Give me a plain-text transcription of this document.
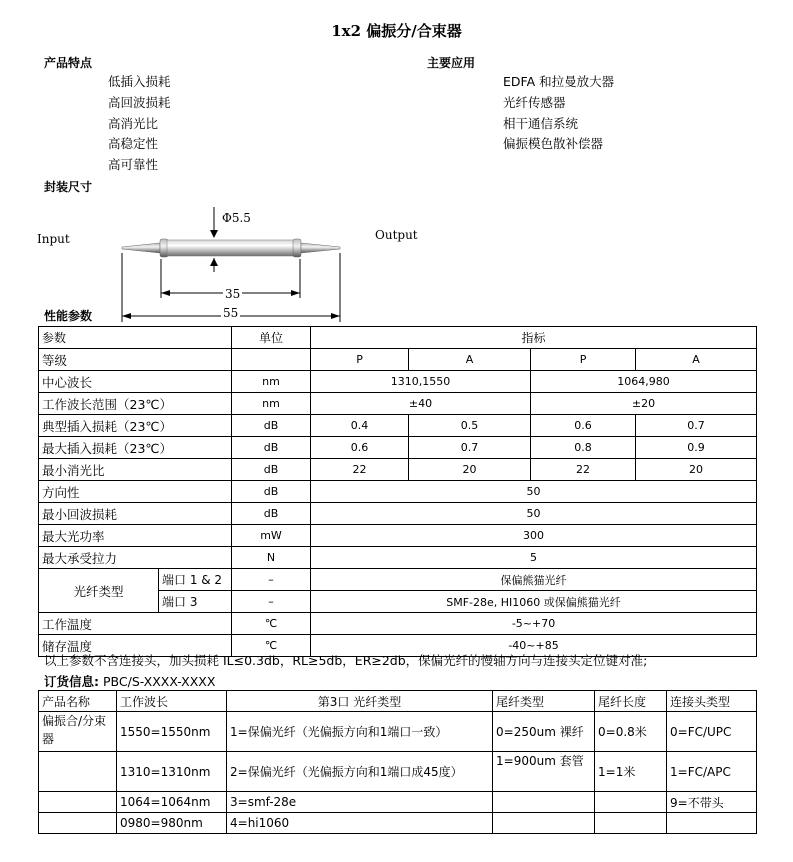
1x2 偏振分/合束器
产品特点
低插入损耗
高回波损耗
高消光比
高稳定性
高可靠性
主要应用
EDFA 和拉曼放大器
光纤传感器
相干通信系统
偏振模色散补偿器
封装尺寸
Input	Output
Φ5.5
35
55
性能参数
参数		单位	指标			
等级			P	A	P	A
中心波长		nm	1310,1550		1064,980	
工作波长范围（23℃）		nm	±40		±20	
典型插入损耗（23℃）		dB	0.4	0.5	0.6	0.7
最大插入损耗（23℃）		dB	0.6	0.7	0.8	0.9
最小消光比		dB	22	20	22	20
方向性		dB	50			
最小回波损耗		dB	50			
最大光功率		mW	300			
最大承受拉力		N	5			
光纤类型	端口 1 & 2	–	保偏熊猫光纤			
	端口 3	–	SMF-28e, HI1060 或保偏熊猫光纤			
工作温度		℃	-5~+70			
储存温度		℃	-40~+85			
以上参数不含连接头，加头损耗 IL≤0.3db，RL≥5db，ER≥2db，保偏光纤的慢轴方向与连接头定位键对准;
订货信息: PBC/S-XXXX-XXXX
产品名称	工作波长	第3口 光纤类型	尾纤类型	尾纤长度	连接头类型
偏振合/分束器	1550=1550nm	1=保偏光纤（光偏振方向和1端口一致）	0=250um 裸纤	0=0.8米	0=FC/UPC
	1310=1310nm	2=保偏光纤（光偏振方向和1端口成45度）	1=900um 套管	1=1米	1=FC/APC
	1064=1064nm	3=smf-28e			9=不带头
	0980=980nm	4=hi1060			
